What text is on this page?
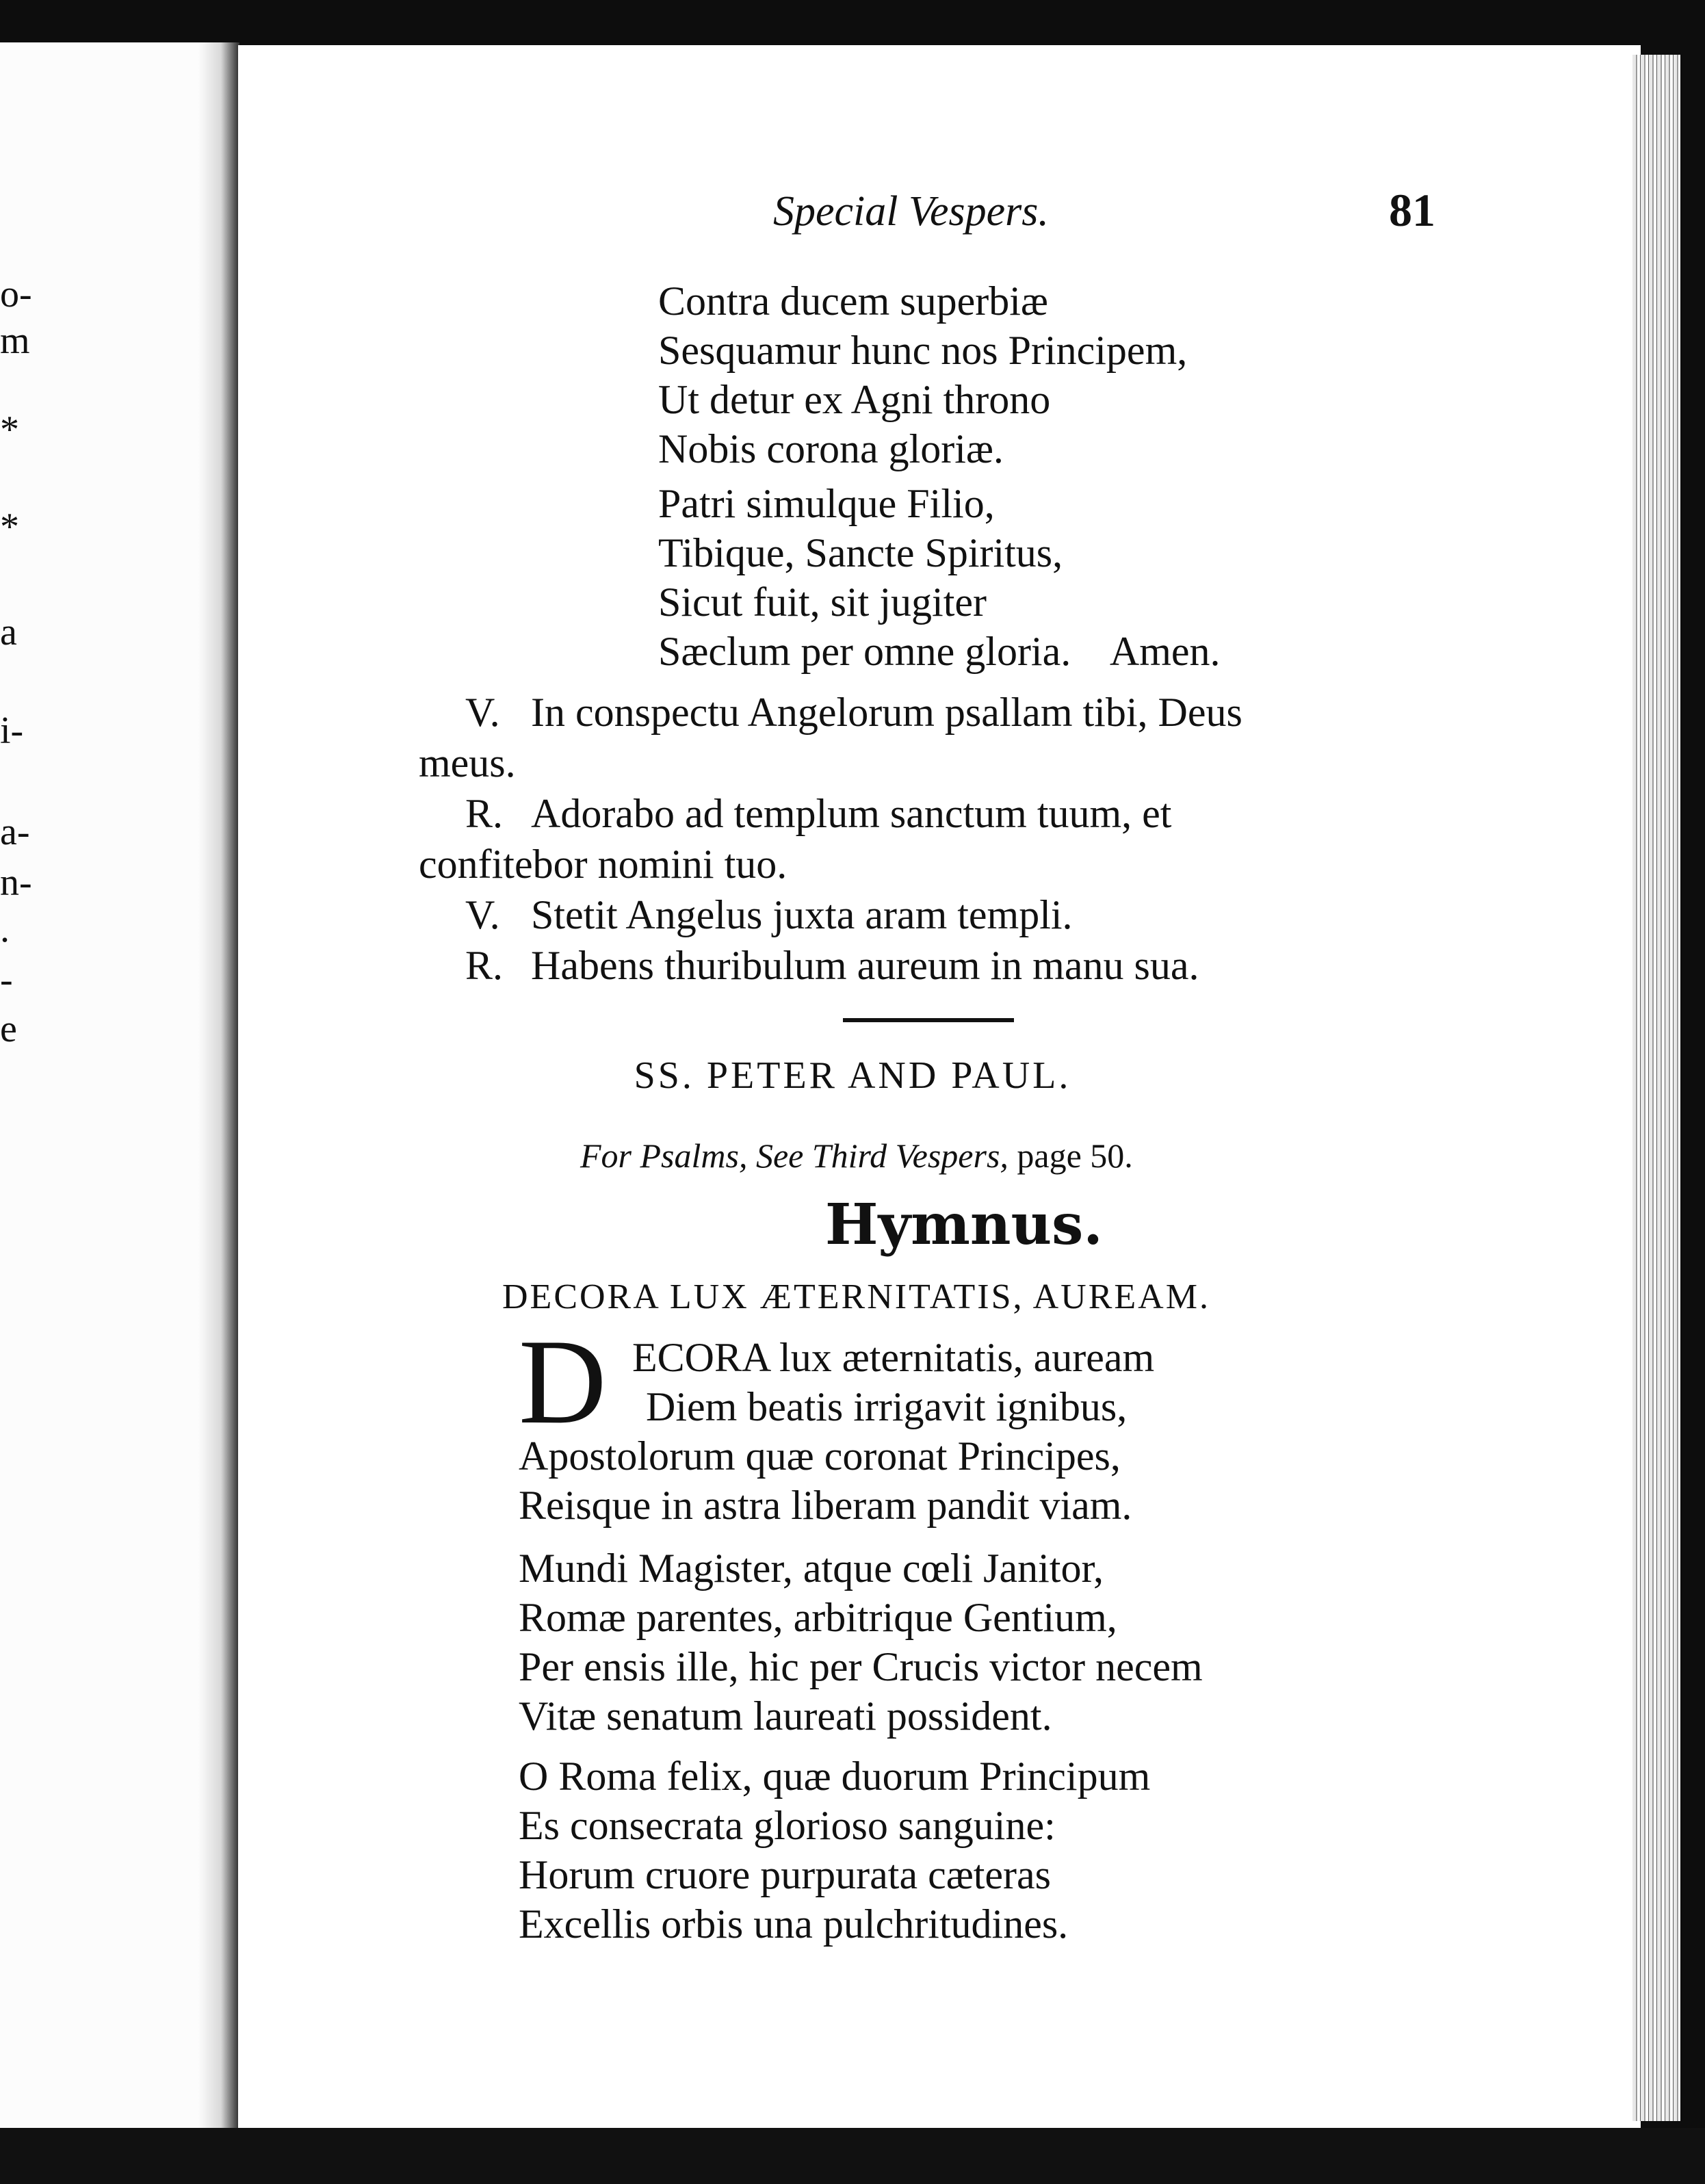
o-
m
*
*
a
i-
a-
n-
.
-
e
Special Vespers.	81
Contra ducem superbiæ
Sesquamur hunc nos Principem,
Ut detur ex Agni throno
Nobis corona gloriæ.
Patri simulque Filio,
Tibique, Sancte Spiritus,
Sicut fuit, sit jugiter
Sæclum per omne gloria.    Amen.
V. In conspectu Angelorum psallam tibi, Deus
meus.
R. Adorabo ad templum sanctum tuum, et
confitebor nomini tuo.
V. Stetit Angelus juxta aram templi.
R. Habens thuribulum aureum in manu sua.
SS. PETER AND PAUL.
For Psalms, See Third Vespers, page 50.
Hymnus.
DECORA LUX ÆTERNITATIS, AUREAM.
D ECORA lux æternitatis, auream
Diem beatis irrigavit ignibus,
Apostolorum quæ coronat Principes,
Reisque in astra liberam pandit viam.
Mundi Magister, atque cœli Janitor,
Romæ parentes, arbitrique Gentium,
Per ensis ille, hic per Crucis victor necem
Vitæ senatum laureati possident.
O Roma felix, quæ duorum Principum
Es consecrata glorioso sanguine:
Horum cruore purpurata cæteras
Excellis orbis una pulchritudines.
